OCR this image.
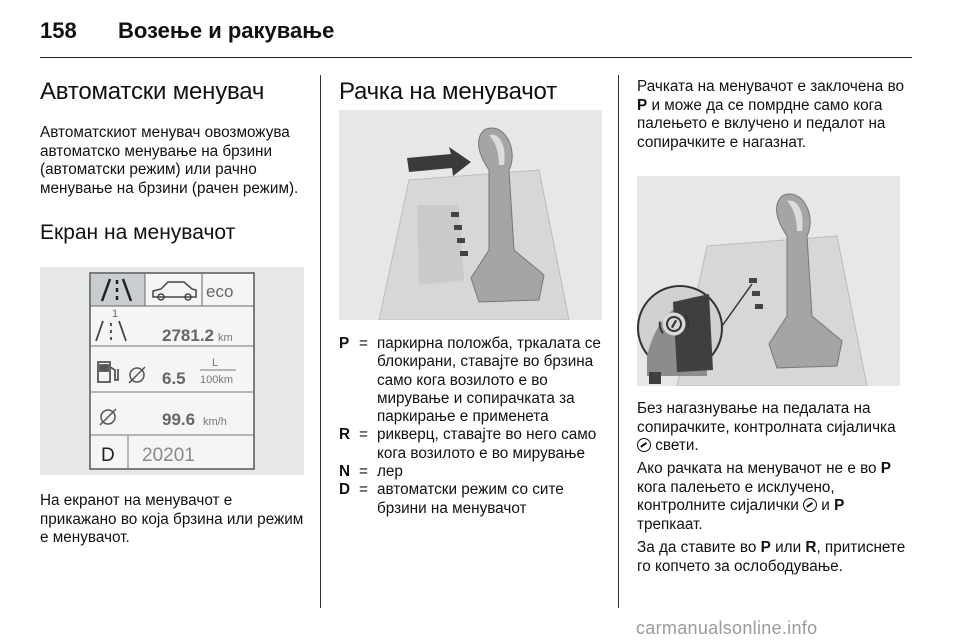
158 Возење и ракување
Автоматски менувач

Автоматскиот менувач овозможува автоматско менување на брзини (автоматски режим) или рачно менување на брзини (рачен режим).

Екран на менувачот
eco
1
2781.2 km
6.5
L
100km
99.6 km/h
D 20201

На екранот на менувачот е прикажано во која брзина или режим е менувачот.

Рачка на менувачот
P = паркирна положба, тркалата се блокирани, ставајте во брзина само кога возилото е во мирување и сопирачката за паркирање е применета
R = рикверц, ставајте во него само кога возилото е во мирување
N = лер
D = автоматски режим со сите брзини на менувачот

Рачката на менувачот е заклочена во P и може да се помрдне само кога палењето е вклучено и педалот на сопирачките е нагазнат.

Без нагазнување на педалата на сопирачките, контролната сијаличка  свети.

Ако рачката на менувачот не е во P кога палењето е исклучено, контролните сијалички  и P трепкаат.

За да ставите во P или R, притиснете го копчето за ослободување.

carmanualsonline.info
